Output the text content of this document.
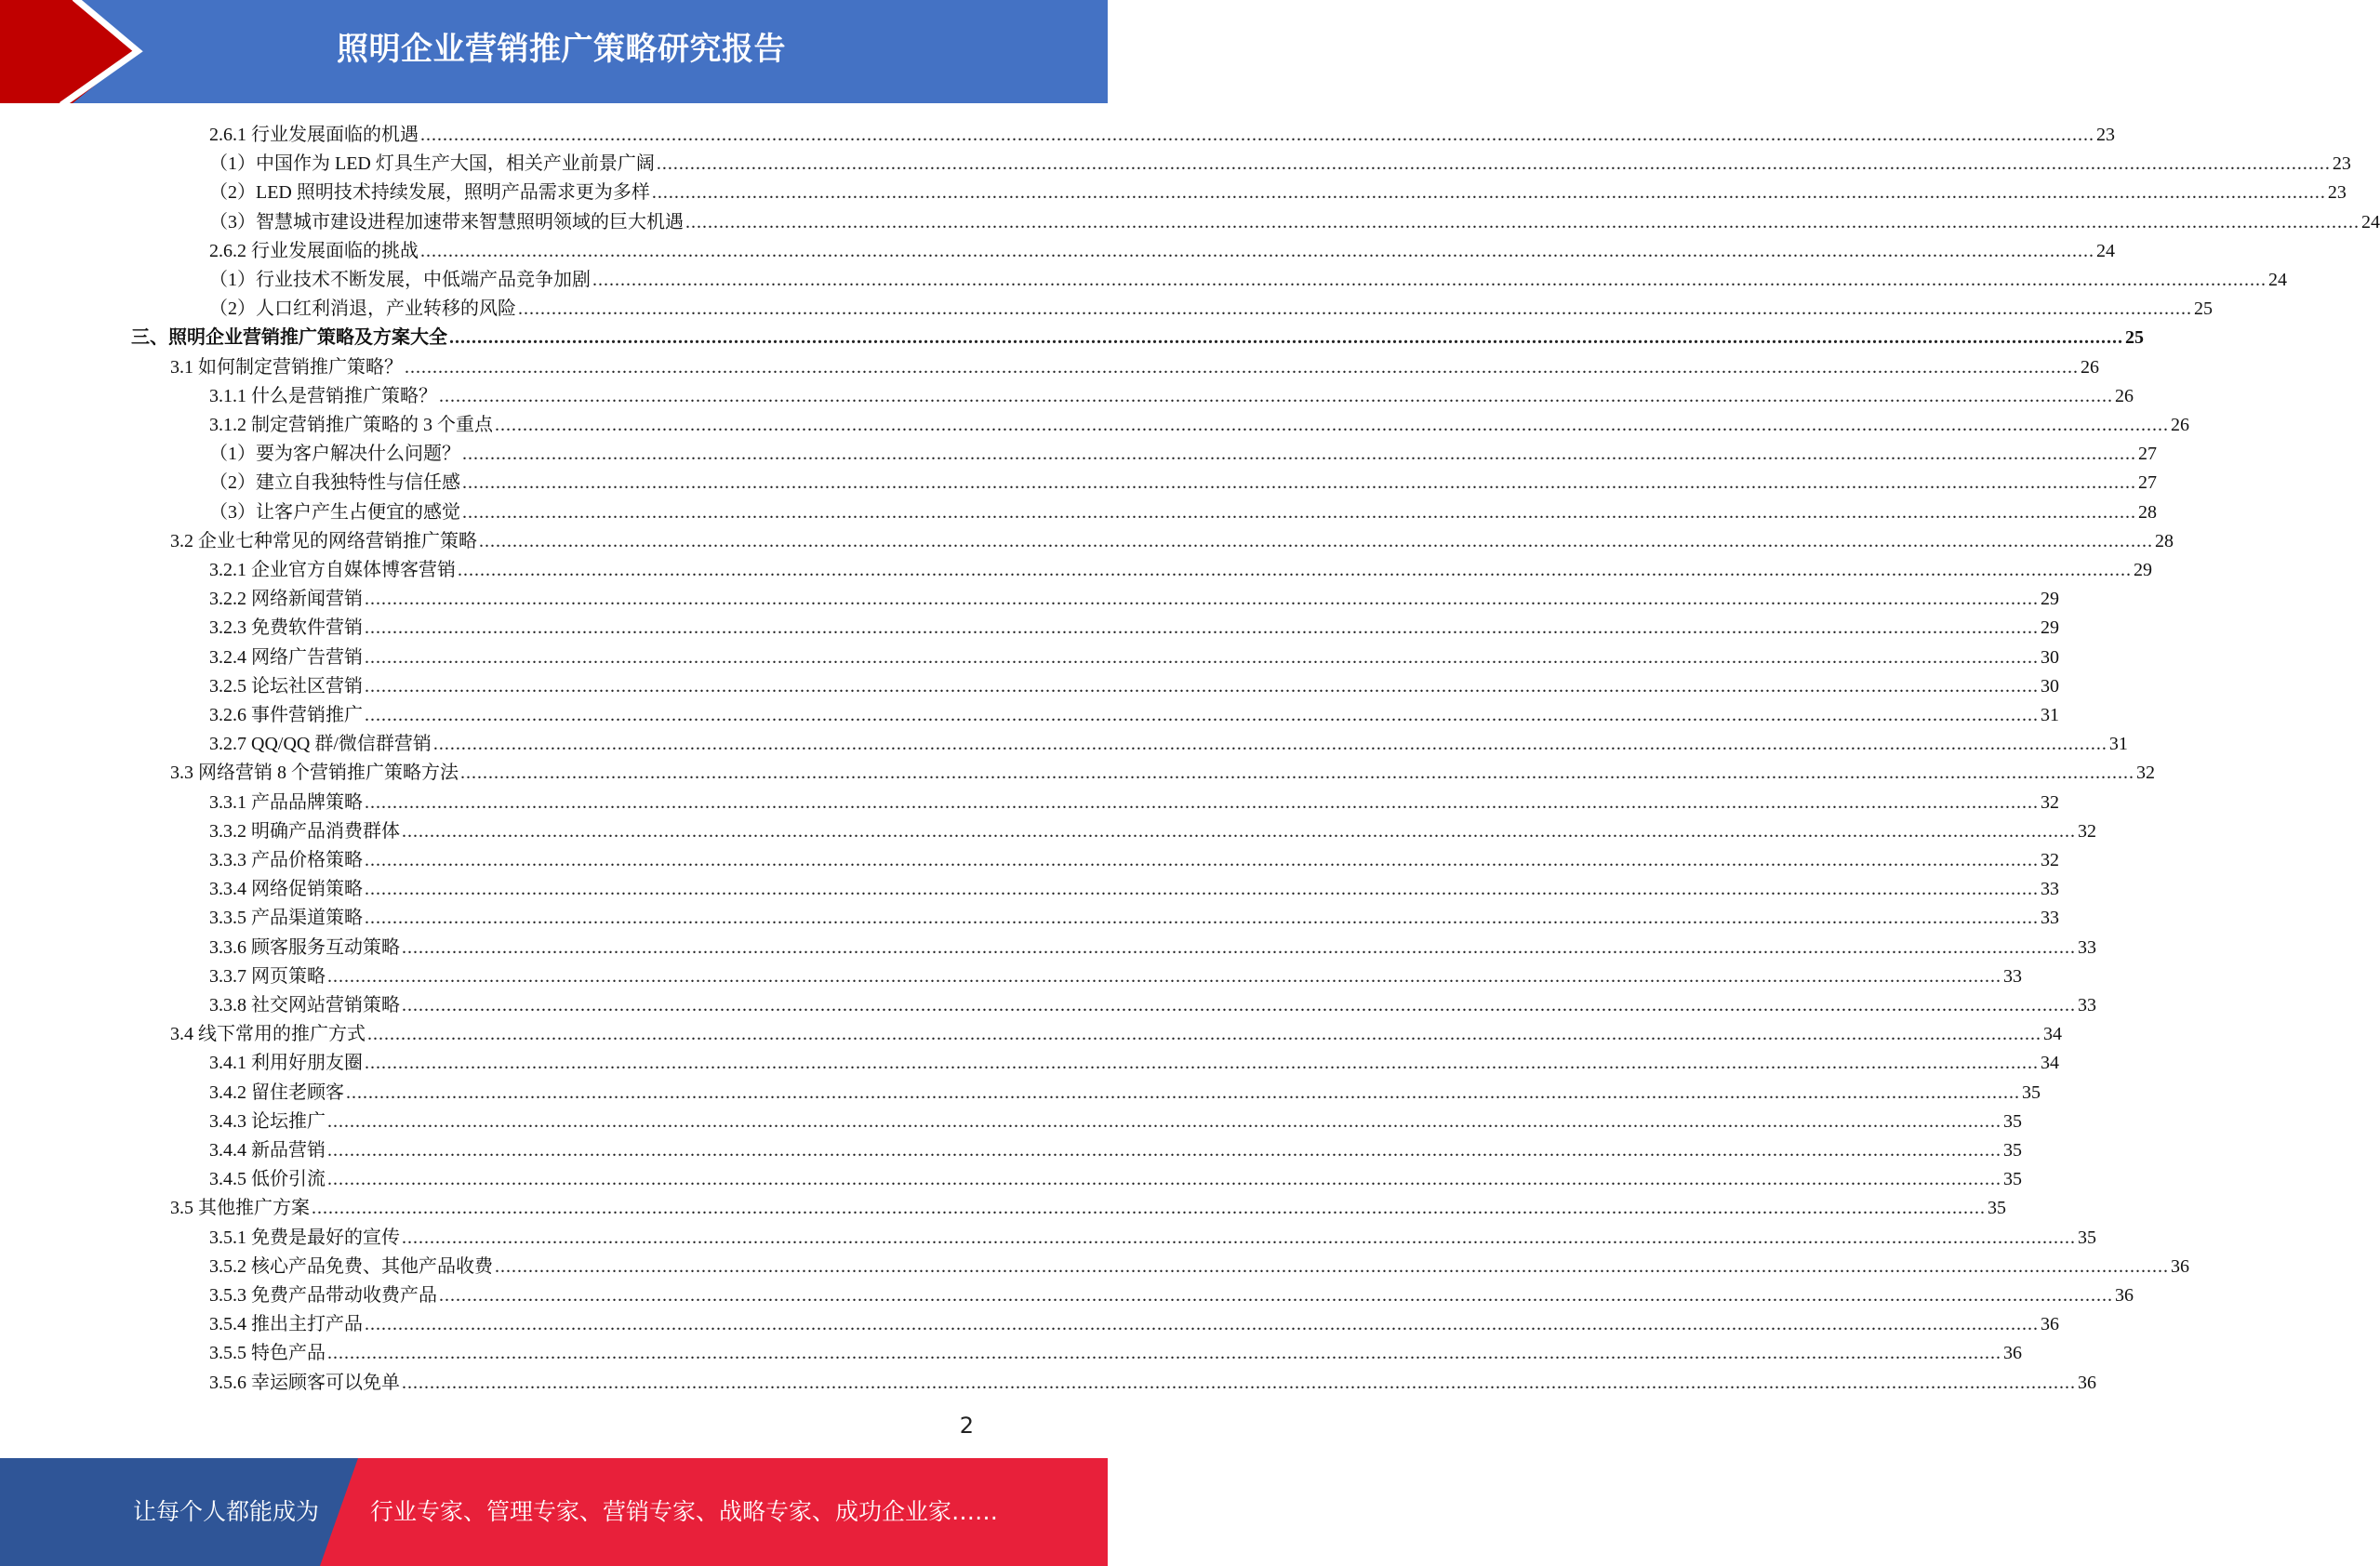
照明企业营销推广策略研究报告
2.6.1 行业发展面临的机遇 ............................................................................................................................................................................................................................................................................................................ 23
（1）中国作为 LED 灯具生产大国，相关产业前景广阔 ............................................................................................................................................................................................................................................................................................................ 23
（2）LED 照明技术持续发展，照明产品需求更为多样 ............................................................................................................................................................................................................................................................................................................ 23
（3）智慧城市建设进程加速带来智慧照明领域的巨大机遇 ............................................................................................................................................................................................................................................................................................................ 24
2.6.2 行业发展面临的挑战 ............................................................................................................................................................................................................................................................................................................ 24
（1）行业技术不断发展，中低端产品竞争加剧 ............................................................................................................................................................................................................................................................................................................ 24
（2）人口红利消退，产业转移的风险 ............................................................................................................................................................................................................................................................................................................ 25
三、照明企业营销推广策略及方案大全 ............................................................................................................................................................................................................................................................................................................ 25
3.1 如何制定营销推广策略？ ............................................................................................................................................................................................................................................................................................................ 26
3.1.1 什么是营销推广策略？ ............................................................................................................................................................................................................................................................................................................ 26
3.1.2 制定营销推广策略的 3 个重点 ............................................................................................................................................................................................................................................................................................................ 26
（1）要为客户解决什么问题？ ............................................................................................................................................................................................................................................................................................................ 27
（2）建立自我独特性与信任感 ............................................................................................................................................................................................................................................................................................................ 27
（3）让客户产生占便宜的感觉 ............................................................................................................................................................................................................................................................................................................ 28
3.2 企业七种常见的网络营销推广策略 ............................................................................................................................................................................................................................................................................................................ 28
3.2.1 企业官方自媒体博客营销 ............................................................................................................................................................................................................................................................................................................ 29
3.2.2 网络新闻营销 ............................................................................................................................................................................................................................................................................................................ 29
3.2.3 免费软件营销 ............................................................................................................................................................................................................................................................................................................ 29
3.2.4 网络广告营销 ............................................................................................................................................................................................................................................................................................................ 30
3.2.5 论坛社区营销 ............................................................................................................................................................................................................................................................................................................ 30
3.2.6 事件营销推广 ............................................................................................................................................................................................................................................................................................................ 31
3.2.7 QQ/QQ 群/微信群营销 ............................................................................................................................................................................................................................................................................................................ 31
3.3 网络营销 8 个营销推广策略方法 ............................................................................................................................................................................................................................................................................................................ 32
3.3.1 产品品牌策略 ............................................................................................................................................................................................................................................................................................................ 32
3.3.2 明确产品消费群体 ............................................................................................................................................................................................................................................................................................................ 32
3.3.3 产品价格策略 ............................................................................................................................................................................................................................................................................................................ 32
3.3.4 网络促销策略 ............................................................................................................................................................................................................................................................................................................ 33
3.3.5 产品渠道策略 ............................................................................................................................................................................................................................................................................................................ 33
3.3.6 顾客服务互动策略 ............................................................................................................................................................................................................................................................................................................ 33
3.3.7 网页策略 ............................................................................................................................................................................................................................................................................................................ 33
3.3.8 社交网站营销策略 ............................................................................................................................................................................................................................................................................................................ 33
3.4 线下常用的推广方式 ............................................................................................................................................................................................................................................................................................................ 34
3.4.1 利用好朋友圈 ............................................................................................................................................................................................................................................................................................................ 34
3.4.2 留住老顾客 ............................................................................................................................................................................................................................................................................................................ 35
3.4.3 论坛推广 ............................................................................................................................................................................................................................................................................................................ 35
3.4.4 新品营销 ............................................................................................................................................................................................................................................................................................................ 35
3.4.5 低价引流 ............................................................................................................................................................................................................................................................................................................ 35
3.5 其他推广方案 ............................................................................................................................................................................................................................................................................................................ 35
3.5.1 免费是最好的宣传 ............................................................................................................................................................................................................................................................................................................ 35
3.5.2 核心产品免费、其他产品收费 ............................................................................................................................................................................................................................................................................................................ 36
3.5.3 免费产品带动收费产品 ............................................................................................................................................................................................................................................................................................................ 36
3.5.4 推出主打产品 ............................................................................................................................................................................................................................................................................................................ 36
3.5.5 特色产品 ............................................................................................................................................................................................................................................................................................................ 36
3.5.6 幸运顾客可以免单 ............................................................................................................................................................................................................................................................................................................ 36
2
让每个人都能成为 行业专家、管理专家、营销专家、战略专家、成功企业家……
